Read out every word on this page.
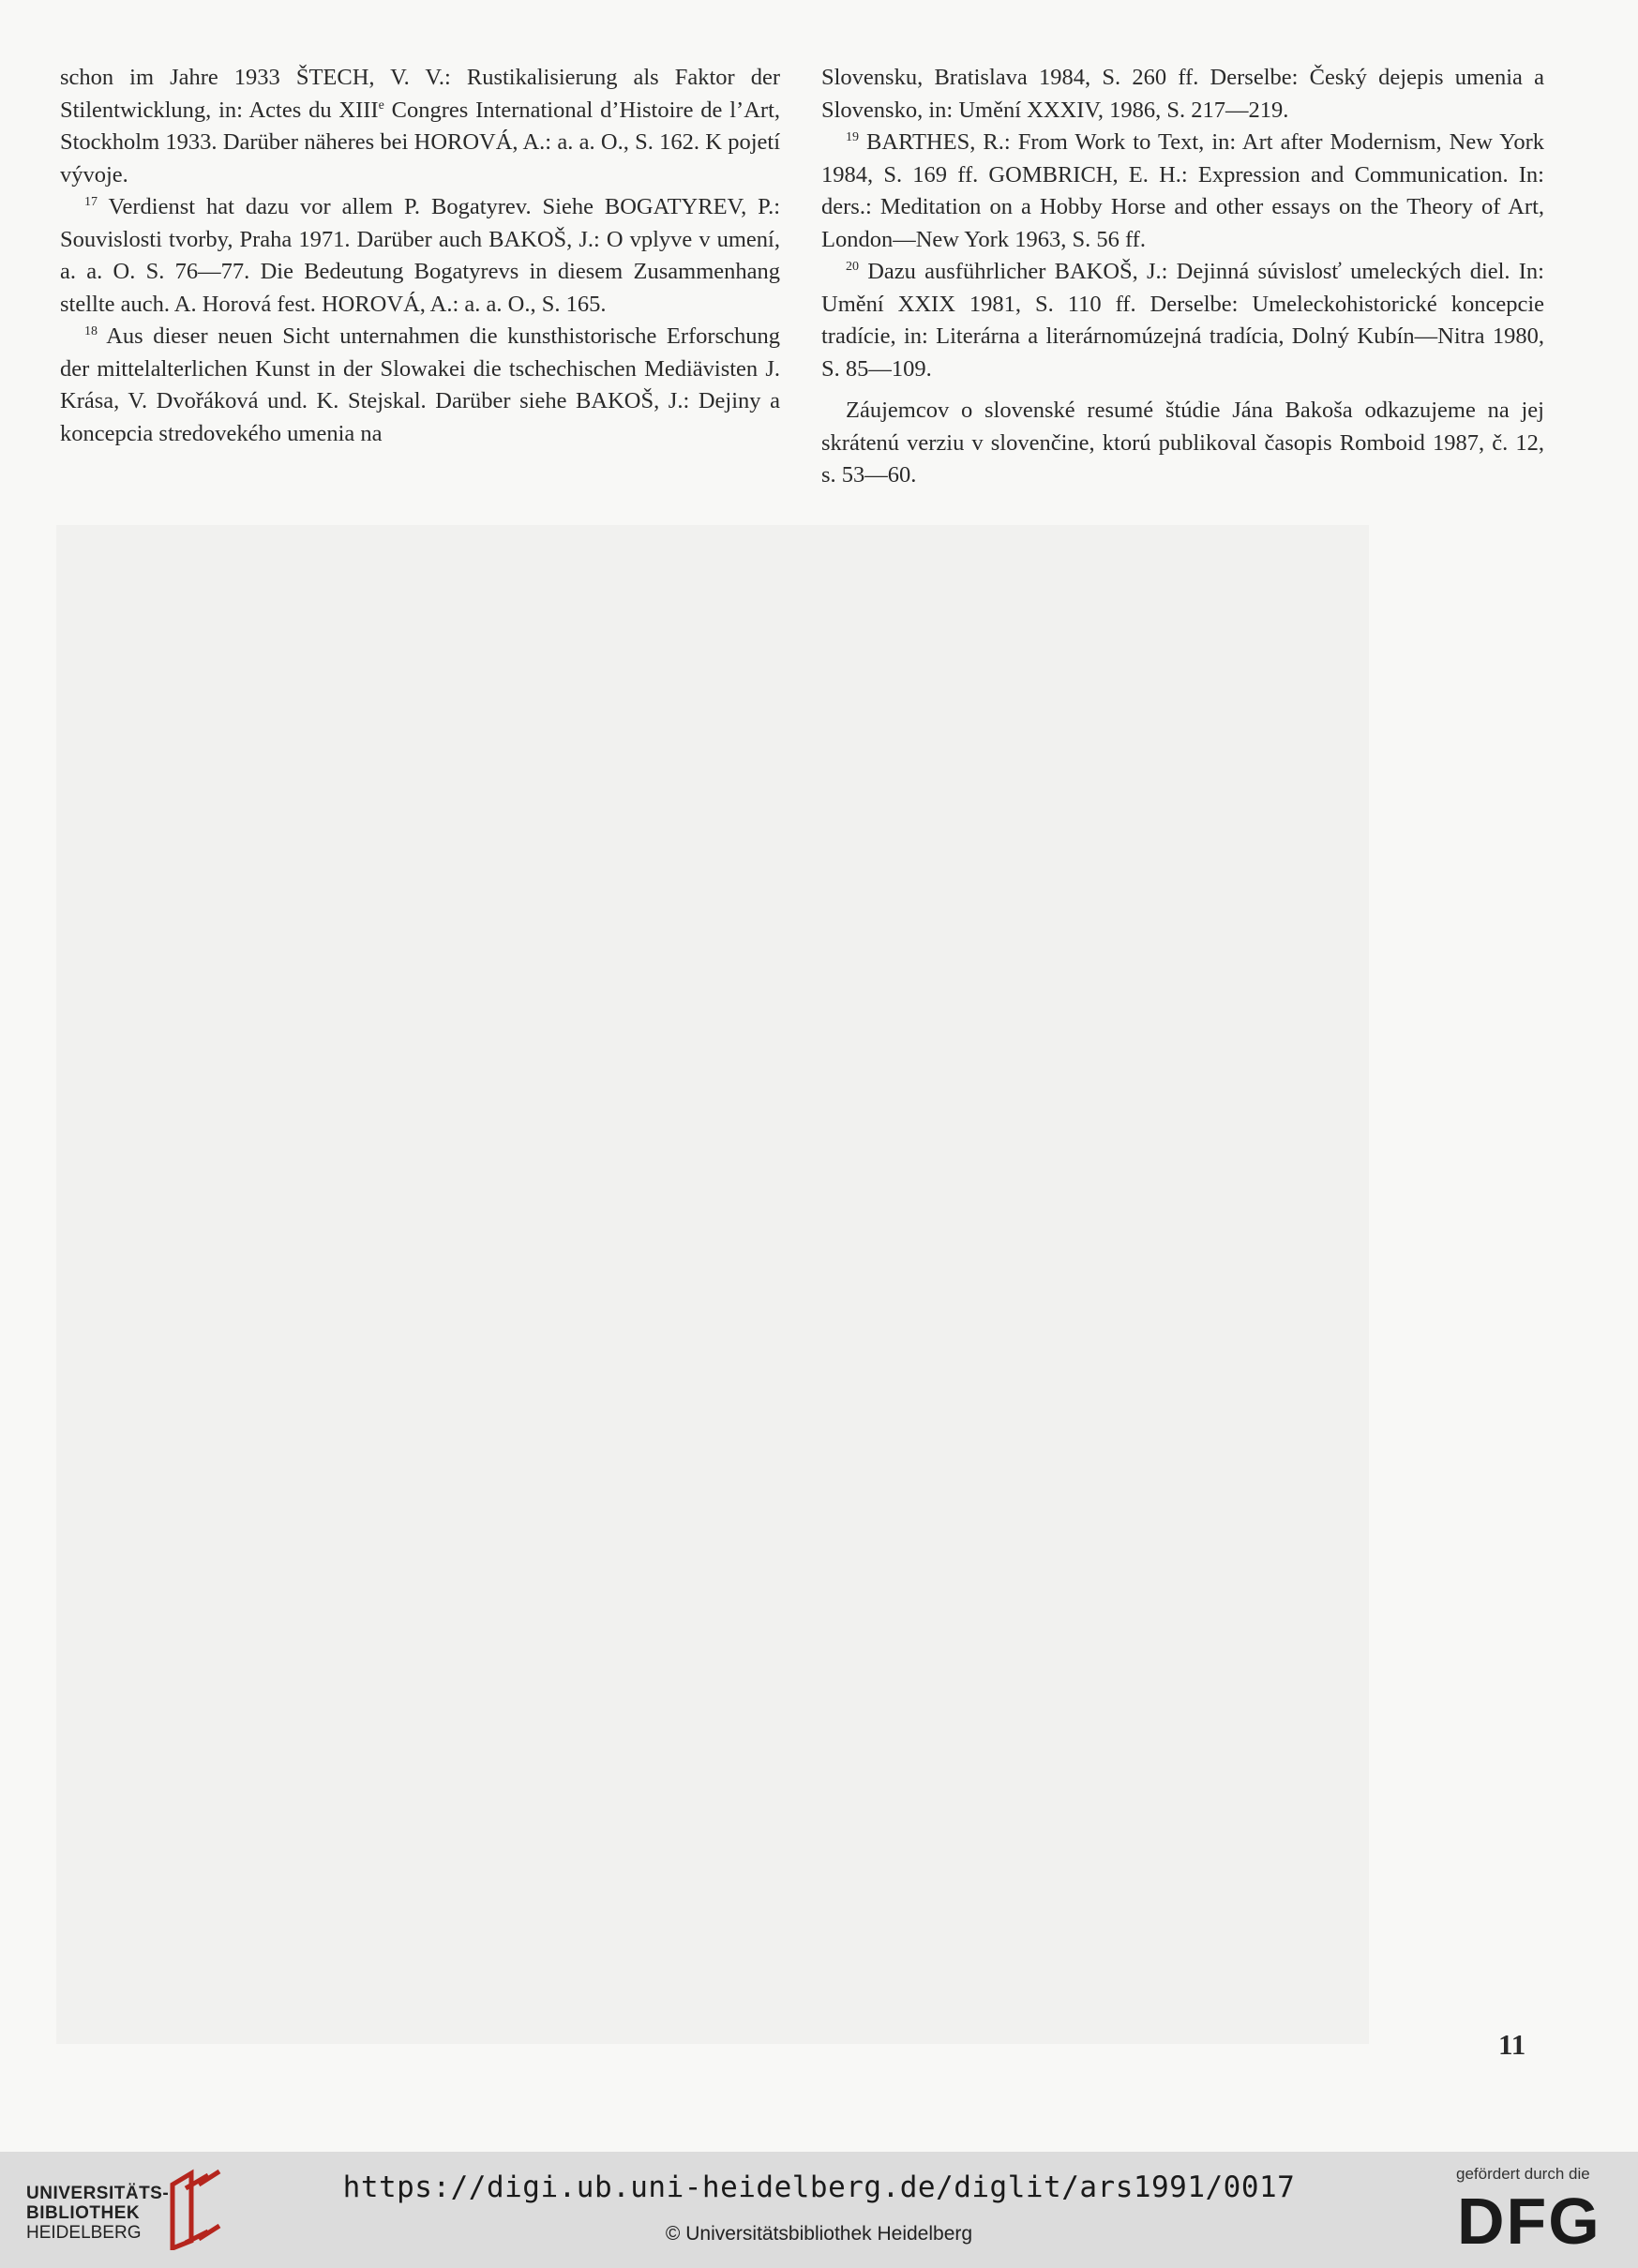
schon im Jahre 1933 ŠTECH, V. V.: Rustikalisierung als Faktor der Stilentwicklung, in: Actes du XIIIe Congres International d’Histoire de l’Art, Stockholm 1933. Darüber näheres bei HOROVÁ, A.: a. a. O., S. 162. K pojetí vývoje.

$^{17}$ Verdienst hat dazu vor allem P. Bogatyrev. Siehe BOGATYREV, P.: Souvislosti tvorby, Praha 1971. Darüber auch BAKOŠ, J.: O vplyve v umení, a. a. O. S. 76—77. Die Bedeutung Bogatyrevs in diesem Zusammenhang stellte auch. A. Horová fest. HOROVÁ, A.: a. a. O., S. 165.

$^{18}$ Aus dieser neuen Sicht unternahmen die kunsthistorische Erforschung der mittelalterlichen Kunst in der Slowakei die tschechischen Mediävisten J. Krása, V. Dvořáková und. K. Stejskal. Darüber siehe BAKOŠ, J.: Dejiny a koncepcia stredovekého umenia na

Slovensku, Bratislava 1984, S. 260 ff. Derselbe: Český dejepis umenia a Slovensko, in: Umění XXXIV, 1986, S. 217—219.

$^{19}$ BARTHES, R.: From Work to Text, in: Art after Modernism, New York 1984, S. 169 ff. GOMBRICH, E. H.: Expression and Communication. In: ders.: Meditation on a Hobby Horse and other essays on the Theory of Art, London—New York 1963, S. 56 ff.

$^{20}$ Dazu ausführlicher BAKOŠ, J.: Dejinná súvislosť umeleckých diel. In: Umění XXIX 1981, S. 110 ff. Derselbe: Umeleckohistorické koncepcie tradície, in: Literárna a literárnomúzejná tradícia, Dolný Kubín—Nitra 1980, S. 85—109.

Záujemcov o slovenské resumé štúdie Jána Bakoša odkazujeme na jej skrátenú verziu v slovenčine, ktorú publikoval časopis Romboid 1987, č. 12, s. 53—60.

11
UNIVERSITÄTS-
BIBLIOTHEK
HEIDELBERG
https://digi.ub.uni-heidelberg.de/diglit/ars1991/0017
© Universitätsbibliothek Heidelberg
gefördert durch die
DFG
